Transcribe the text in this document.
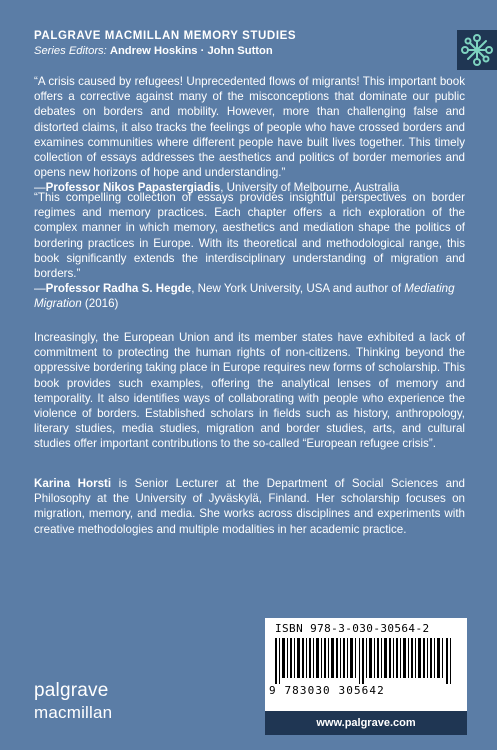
PALGRAVE MACMILLAN MEMORY STUDIES
Series Editors: Andrew Hoskins · John Sutton
“A crisis caused by refugees! Unprecedented flows of migrants! This important book offers a corrective against many of the misconceptions that dominate our public debates on borders and mobility. However, more than challenging false and distorted claims, it also tracks the feelings of people who have crossed borders and examines communities where different people have built lives together. This timely collection of essays addresses the aesthetics and politics of border memories and opens new horizons of hope and understanding.”
—Professor Nikos Papastergiadis, University of Melbourne, Australia
“This compelling collection of essays provides insightful perspectives on border regimes and memory practices. Each chapter offers a rich exploration of the complex manner in which memory, aesthetics and mediation shape the politics of bordering practices in Europe. With its theoretical and methodological range, this book significantly extends the interdisciplinary understanding of migration and borders.”
—Professor Radha S. Hegde, New York University, USA and author of Mediating Migration (2016)
Increasingly, the European Union and its member states have exhibited a lack of commitment to protecting the human rights of non-citizens. Thinking beyond the oppressive bordering taking place in Europe requires new forms of scholarship. This book provides such examples, offering the analytical lenses of memory and temporality. It also identifies ways of collaborating with people who experience the violence of borders. Established scholars in fields such as history, anthropology, literary studies, media studies, migration and border studies, arts, and cultural studies offer important contributions to the so-called “European refugee crisis”.
Karina Horsti is Senior Lecturer at the Department of Social Sciences and Philosophy at the University of Jyväskylä, Finland. Her scholarship focuses on migration, memory, and media. She works across disciplines and experiments with creative methodologies and multiple modalities in her academic practice.
ISBN 978-3-030-30564-2
9 783030 305642
www.palgrave.com
palgrave
macmillan
